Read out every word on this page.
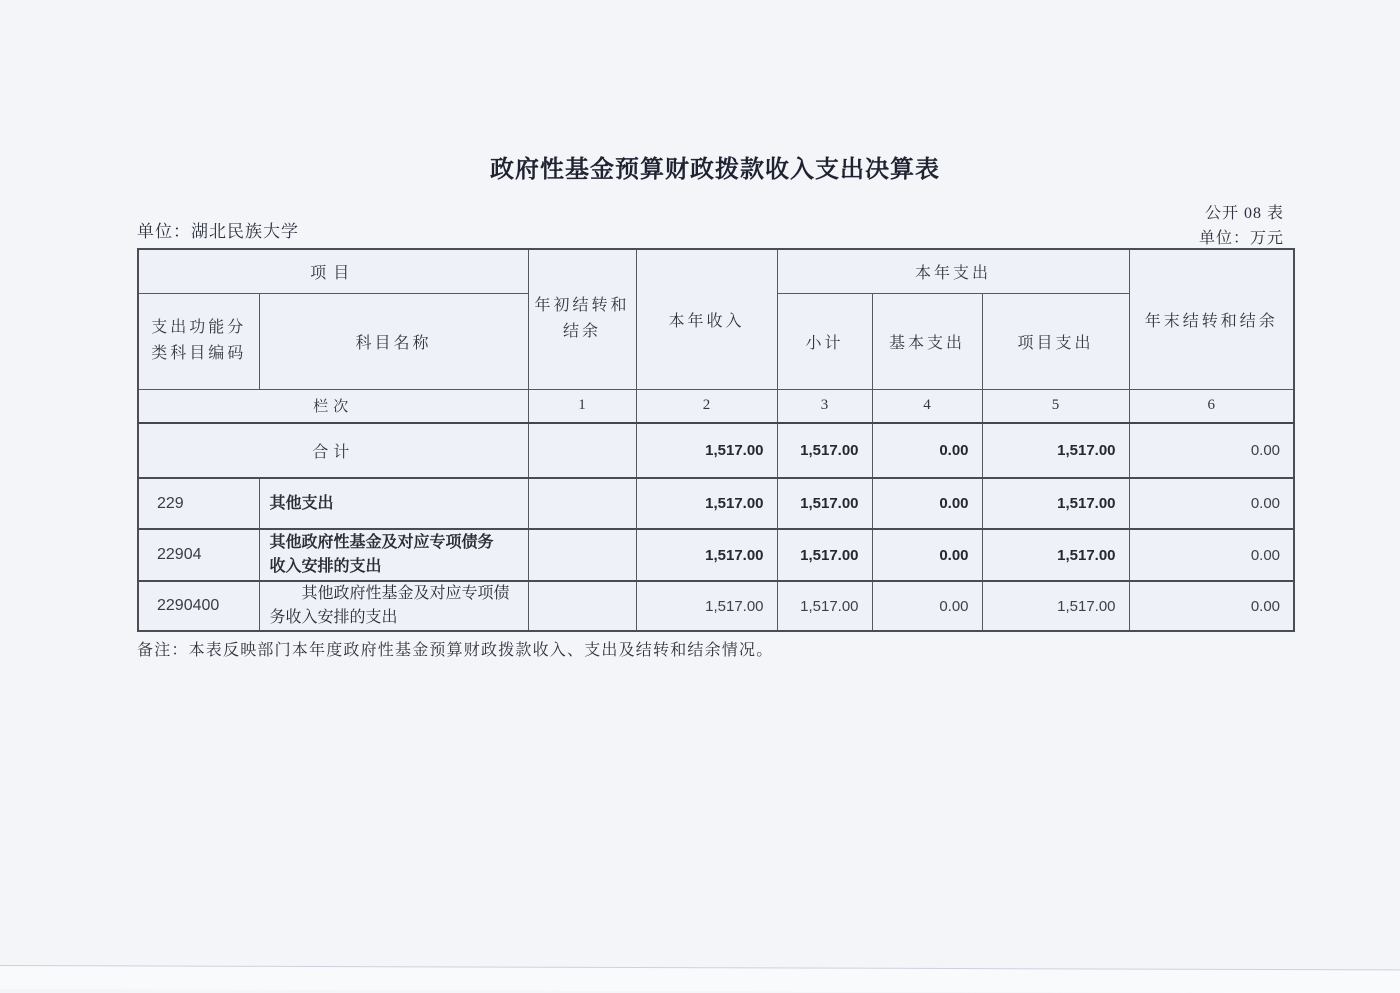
政府性基金预算财政拨款收入支出决算表
单位：湖北民族大学
公开 08 表
单位：万元
项目		年初结转和结余	本年收入	本年支出			年末结转和结余
支出功能分类科目编码	科目名称			小计	基本支出	项目支出	
栏次		1	2	3	4	5	6
合计			1,517.00	1,517.00	0.00	1,517.00	0.00
229	其他支出		1,517.00	1,517.00	0.00	1,517.00	0.00
22904	其他政府性基金及对应专项债务收入安排的支出		1,517.00	1,517.00	0.00	1,517.00	0.00
2290400	其他政府性基金及对应专项债务收入安排的支出		1,517.00	1,517.00	0.00	1,517.00	0.00
备注：本表反映部门本年度政府性基金预算财政拨款收入、支出及结转和结余情况。
